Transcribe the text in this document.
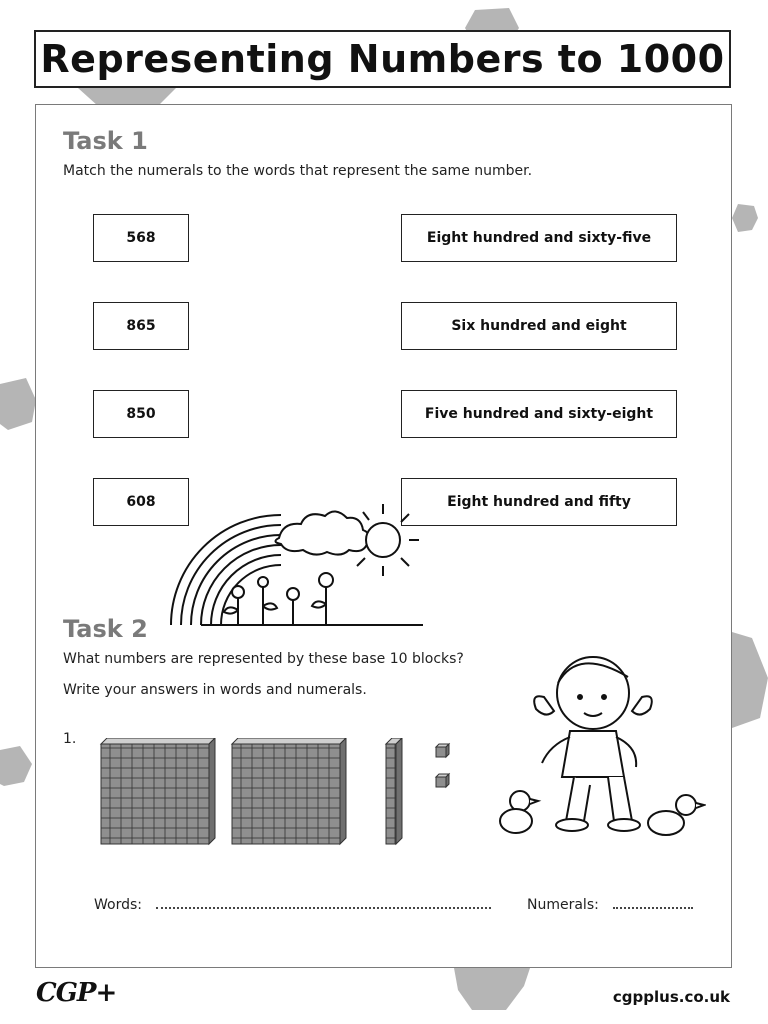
Representing Numbers to 1000
Task 1

Match the numerals to the words that represent the same number.

568
865
850
608
Eight hundred and sixty-five
Six hundred and eight
Five hundred and sixty-eight
Eight hundred and fifty
Task 2

What numbers are represented by these base 10 blocks?

Write your answers in words and numerals.

1.
Words:	Numerals:
CGP+	cgpplus.co.uk
